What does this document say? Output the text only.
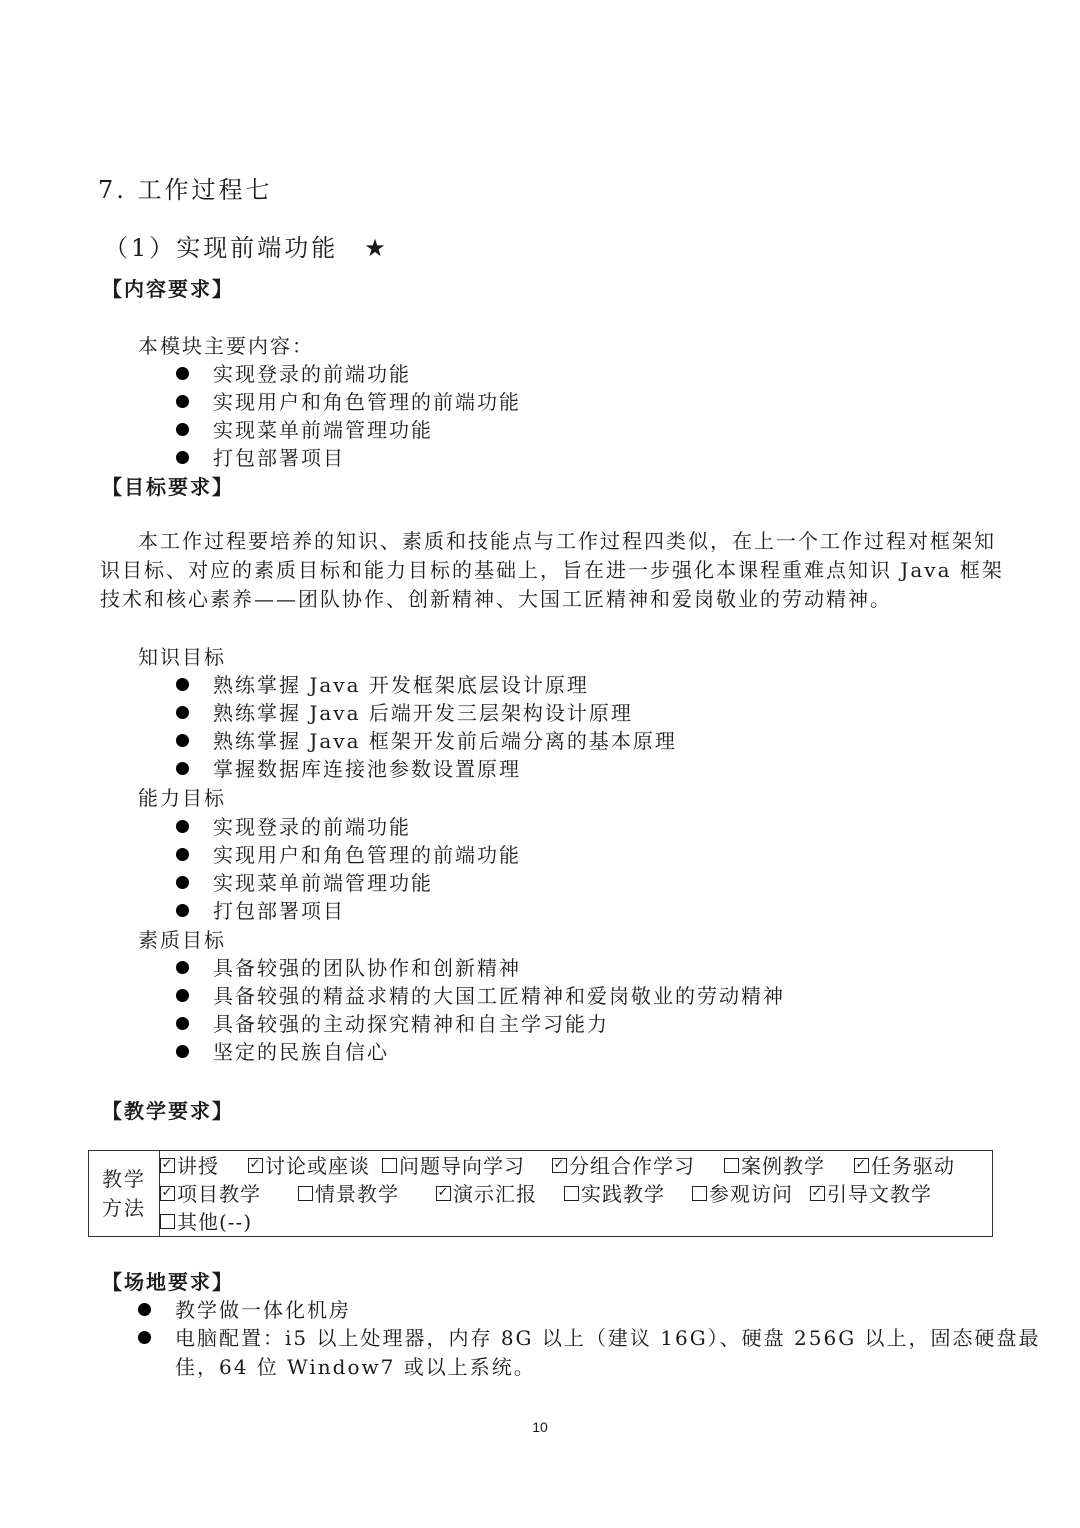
7. 工作过程七
（1）实现前端功能 ★
【内容要求】
本模块主要内容：
实现登录的前端功能
实现用户和角色管理的前端功能
实现菜单前端管理功能
打包部署项目
【目标要求】
本工作过程要培养的知识、素质和技能点与工作过程四类似，在上一个工作过程对框架知
识目标、对应的素质目标和能力目标的基础上，旨在进一步强化本课程重难点知识 Java 框架
技术和核心素养——团队协作、创新精神、大国工匠精神和爱岗敬业的劳动精神。
知识目标
熟练掌握 Java 开发框架底层设计原理
熟练掌握 Java 后端开发三层架构设计原理
熟练掌握 Java 框架开发前后端分离的基本原理
掌握数据库连接池参数设置原理
能力目标
实现登录的前端功能
实现用户和角色管理的前端功能
实现菜单前端管理功能
打包部署项目
素质目标
具备较强的团队协作和创新精神
具备较强的精益求精的大国工匠精神和爱岗敬业的劳动精神
具备较强的主动探究精神和自主学习能力
坚定的民族自信心
【教学要求】
教学
方法

✓ 讲授 ✓ 讨论或座谈	问题导向学习 ✓ 分组合作学习	案例教学 ✓ 任务驱动
✓ 项目教学	情景教学	✓ 演示汇报	实践教学	参观访问 ✓ 引导文教学
其他(--)
【场地要求】
教学做一体化机房
电脑配置：i5 以上处理器，内存 8G 以上（建议 16G）、硬盘 256G 以上，固态硬盘最
佳，64 位 Window7 或以上系统。
10
